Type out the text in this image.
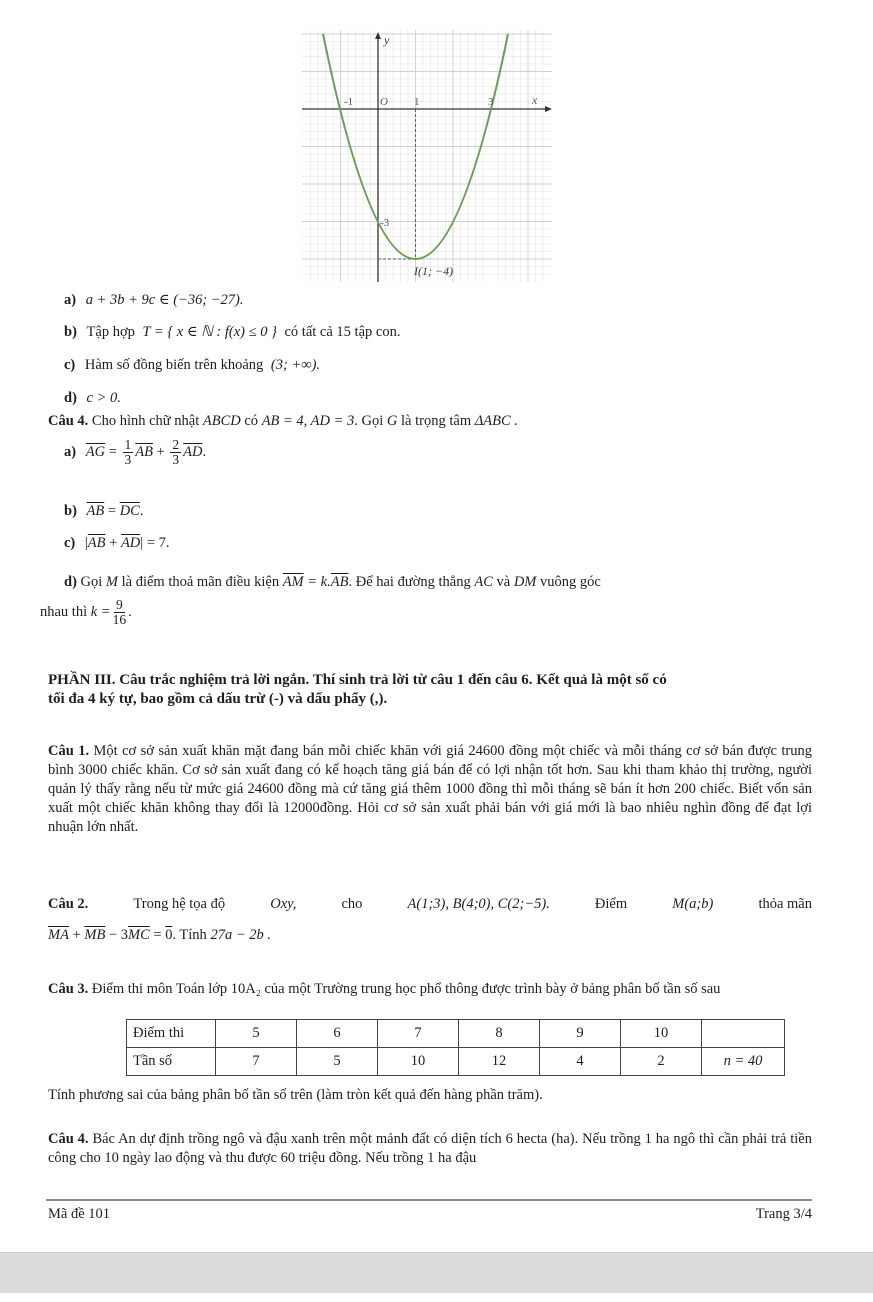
y
x
O
-1	1	3
-3
I(1; −4)
a) a + 3b + 9c ∈ (−36; −27).
b) Tập hợp T = { x ∈ ℕ : f(x) ≤ 0 } có tất cả 15 tập con.
c) Hàm số đồng biến trên khoảng (3; +∞).
d) c > 0.
Câu 4. Cho hình chữ nhật ABCD có AB = 4, AD = 3. Gọi G là trọng tâm ΔABC .
a) $\overline{AG} = \frac{1}{3} \overline{AB} + \frac{2}{3} \overline{AD}$.
b) $\overline{AB} = \overline{DC}$.
c) $|\overline{AB} + \overline{AD}| = 7$.
d) Gọi M là điểm thoả mãn điều kiện $\overline{AM} = k.\overline{AB}$. Để hai đường thẳng AC và DM vuông góc
nhau thì $k = \frac{9}{16}$ .
PHẦN III. Câu trắc nghiệm trả lời ngắn. Thí sinh trả lời từ câu 1 đến câu 6. Kết quả là một số có
tối đa 4 ký tự, bao gồm cả dấu trừ (-) và dấu phẩy (,).
Câu 1. Một cơ sở sản xuất khăn mặt đang bán mỗi chiếc khăn với giá 24600 đồng một chiếc và mỗi tháng cơ sở bán được trung bình 3000 chiếc khăn. Cơ sở sản xuất đang có kế hoạch tăng giá bán để có lợi nhận tốt hơn. Sau khi tham khảo thị trường, người quản lý thấy rằng nếu từ mức giá 24600 đồng mà cứ tăng giá thêm 1000 đồng thì mỗi tháng sẽ bán ít hơn 200 chiếc. Biết vốn sản xuất một chiếc khăn không thay đổi là 12000đồng. Hỏi cơ sở sản xuất phải bán với giá mới là bao nhiêu nghìn đồng để đạt lợi nhuận lớn nhất.
Câu 2.	Trong hệ tọa độ	Oxy,	cho	A(1;3), B(4;0), C(2;−5).	Điểm	M(a;b)	thỏa mãn
$\overline{MA} + \overline{MB} - 3\overline{MC} = 0$. Tính 27a − 2b .
Câu 3. Điểm thi môn Toán lớp 10A₂ của một Trường trung học phổ thông được trình bày ở bảng phân bố tần số sau
Điểm thi	5	6	7	8	9	10	
Tần số	7	5	10	12	4	2	n = 40
Tính phương sai của bảng phân bố tần số trên (làm tròn kết quả đến hàng phần trăm).
Câu 4. Bác An dự định trồng ngô và đậu xanh trên một mảnh đất có diện tích 6 hecta (ha). Nếu trồng 1 ha ngô thì cần phải trả tiền công cho 10 ngày lao động và thu được 60 triệu đồng. Nếu trồng 1 ha đậu
Mã đề 101	Trang 3/4
